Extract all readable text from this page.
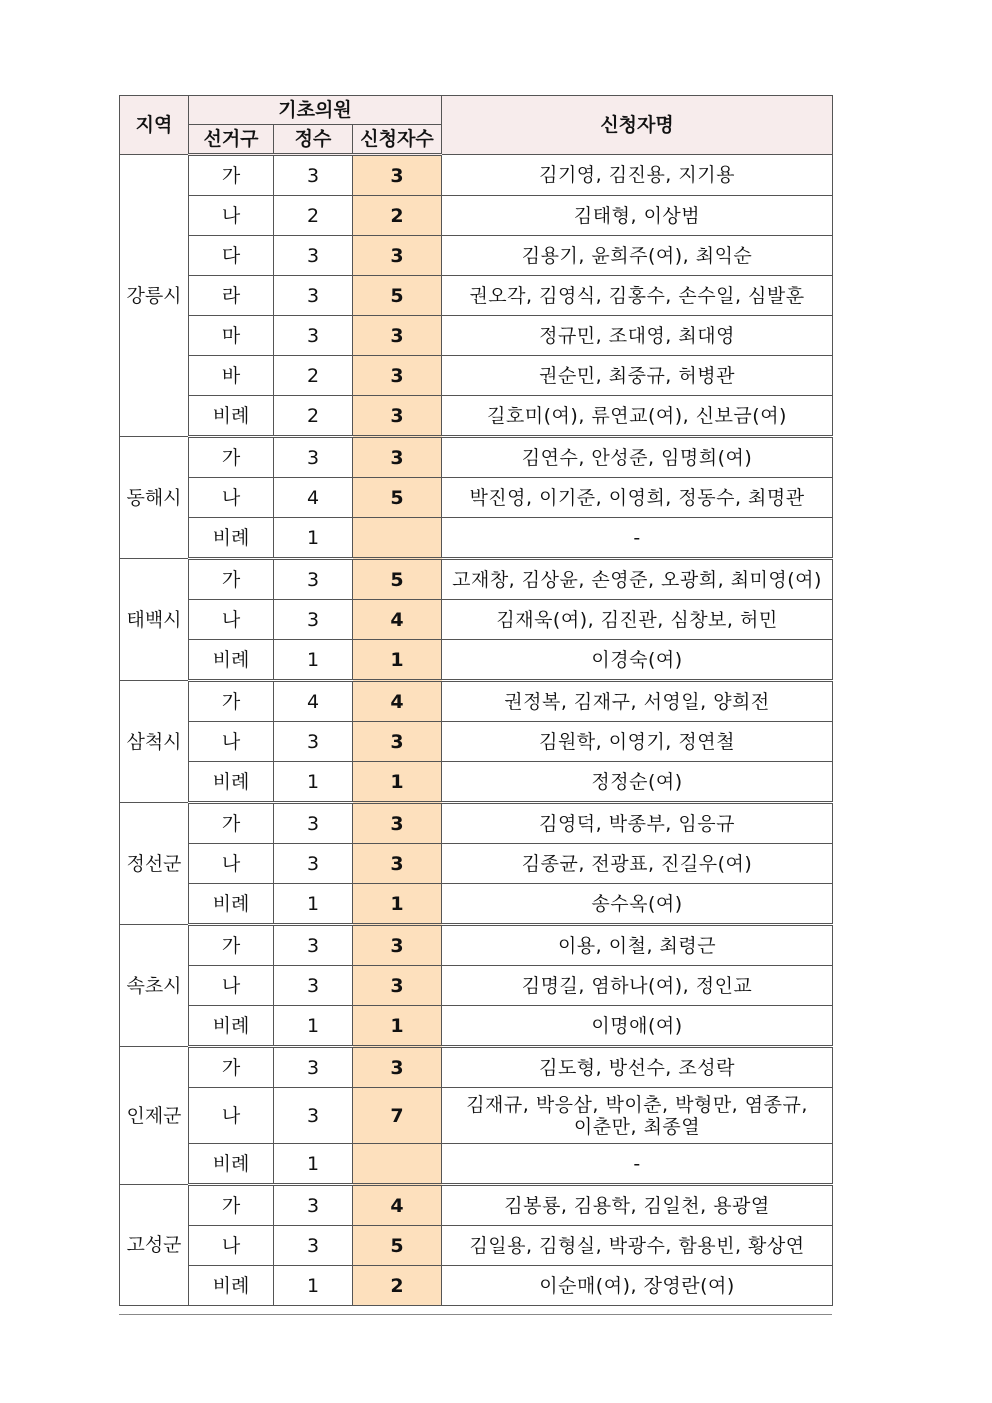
지역	기초의원			신청자명
	선거구	정수	신청자수	
강릉시	가	3	3	김기영, 김진용, 지기용
	나	2	2	김태형, 이상범
	다	3	3	김용기, 윤희주(여), 최익순
	라	3	5	권오각, 김영식, 김홍수, 손수일, 심발훈
	마	3	3	정규민, 조대영, 최대영
	바	2	3	권순민, 최중규, 허병관
	비례	2	3	길호미(여), 류연교(여), 신보금(여)
동해시	가	3	3	김연수, 안성준, 임명희(여)
	나	4	5	박진영, 이기준, 이영희, 정동수, 최명관
	비례	1		-
태백시	가	3	5	고재창, 김상윤, 손영준, 오광희, 최미영(여)
	나	3	4	김재욱(여), 김진관, 심창보, 허민
	비례	1	1	이경숙(여)
삼척시	가	4	4	권정복, 김재구, 서영일, 양희전
	나	3	3	김원학, 이영기, 정연철
	비례	1	1	정정순(여)
정선군	가	3	3	김영덕, 박종부, 임응규
	나	3	3	김종균, 전광표, 진길우(여)
	비례	1	1	송수옥(여)
속초시	가	3	3	이용, 이철, 최령근
	나	3	3	김명길, 염하나(여), 정인교
	비례	1	1	이명애(여)
인제군	가	3	3	김도형, 방선수, 조성락
	나	3	7	김재규, 박응삼, 박이춘, 박형만, 염종규,
이춘만, 최종열
	비례	1		-
고성군	가	3	4	김봉룡, 김용학, 김일천, 용광열
	나	3	5	김일용, 김형실, 박광수, 함용빈, 황상연
	비례	1	2	이순매(여), 장영란(여)
